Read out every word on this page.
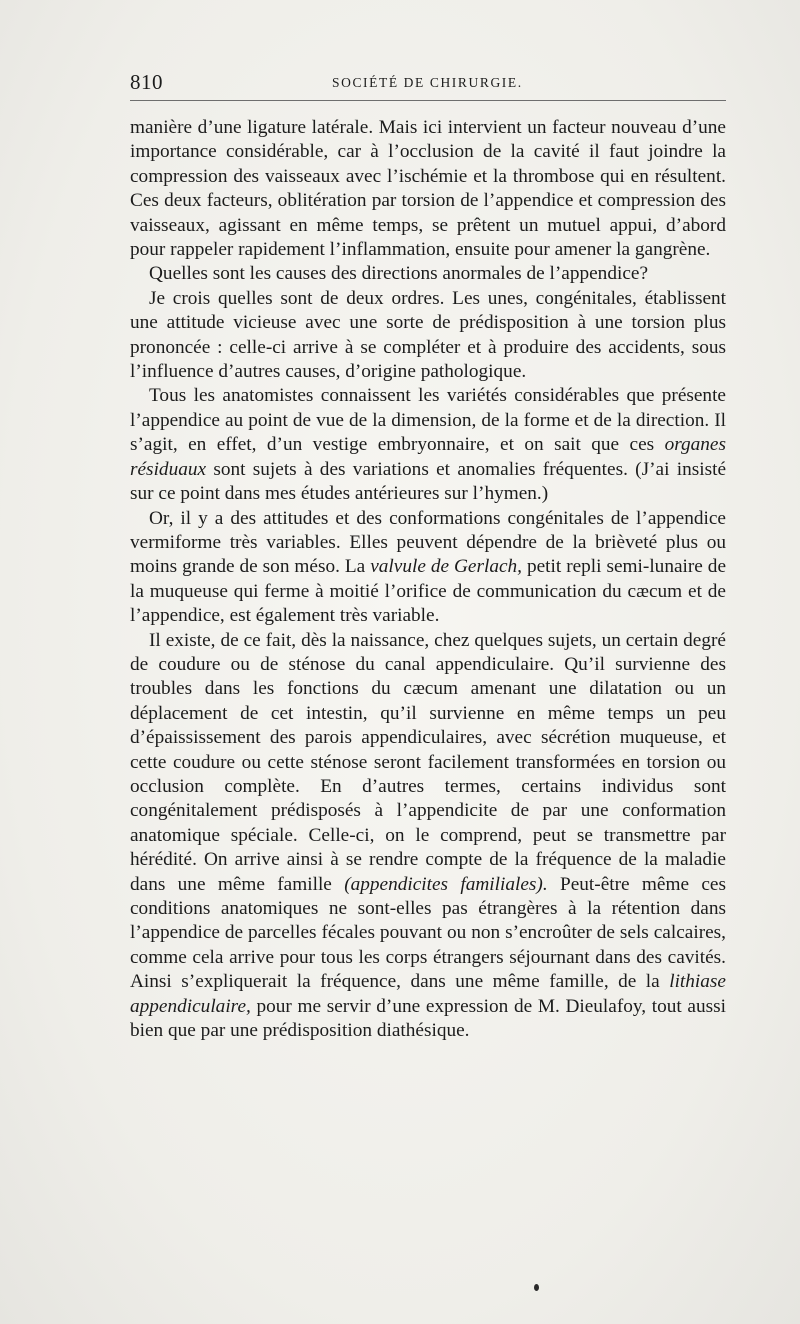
810	SOCIÉTÉ DE CHIRURGIE.

manière d’une ligature latérale. Mais ici intervient un facteur nouveau d’une importance considérable, car à l’occlusion de la cavité il faut joindre la compression des vaisseaux avec l’ischémie et la thrombose qui en résultent. Ces deux facteurs, oblitération par torsion de l’appendice et compression des vaisseaux, agissant en même temps, se prêtent un mutuel appui, d’abord pour rappeler rapidement l’inflammation, ensuite pour amener la gangrène.

Quelles sont les causes des directions anormales de l’appendice?

Je crois quelles sont de deux ordres. Les unes, congénitales, établissent une attitude vicieuse avec une sorte de prédisposition à une torsion plus prononcée : celle-ci arrive à se compléter et à produire des accidents, sous l’influence d’autres causes, d’origine pathologique.

Tous les anatomistes connaissent les variétés considérables que présente l’appendice au point de vue de la dimension, de la forme et de la direction. Il s’agit, en effet, d’un vestige embryonnaire, et on sait que ces organes résiduaux sont sujets à des variations et anomalies fréquentes. (J’ai insisté sur ce point dans mes études antérieures sur l’hymen.)

Or, il y a des attitudes et des conformations congénitales de l’appendice vermiforme très variables. Elles peuvent dépendre de la brièveté plus ou moins grande de son méso. La valvule de Gerlach, petit repli semi-lunaire de la muqueuse qui ferme à moitié l’orifice de communication du cæcum et de l’appendice, est également très variable.

Il existe, de ce fait, dès la naissance, chez quelques sujets, un certain degré de coudure ou de sténose du canal appendiculaire. Qu’il survienne des troubles dans les fonctions du cæcum amenant une dilatation ou un déplacement de cet intestin, qu’il survienne en même temps un peu d’épaississement des parois appendiculaires, avec sécrétion muqueuse, et cette coudure ou cette sténose seront facilement transformées en torsion ou occlusion complète. En d’autres termes, certains individus sont congénitalement prédisposés à l’appendicite de par une conformation anatomique spéciale. Celle-ci, on le comprend, peut se transmettre par hérédité. On arrive ainsi à se rendre compte de la fréquence de la maladie dans une même famille (appendicites familiales). Peut-être même ces conditions anatomiques ne sont-elles pas étrangères à la rétention dans l’appendice de parcelles fécales pouvant ou non s’encroûter de sels calcaires, comme cela arrive pour tous les corps étrangers séjournant dans des cavités. Ainsi s’expliquerait la fréquence, dans une même famille, de la lithiase appendiculaire, pour me servir d’une expression de M. Dieulafoy, tout aussi bien que par une prédisposition diathésique.
